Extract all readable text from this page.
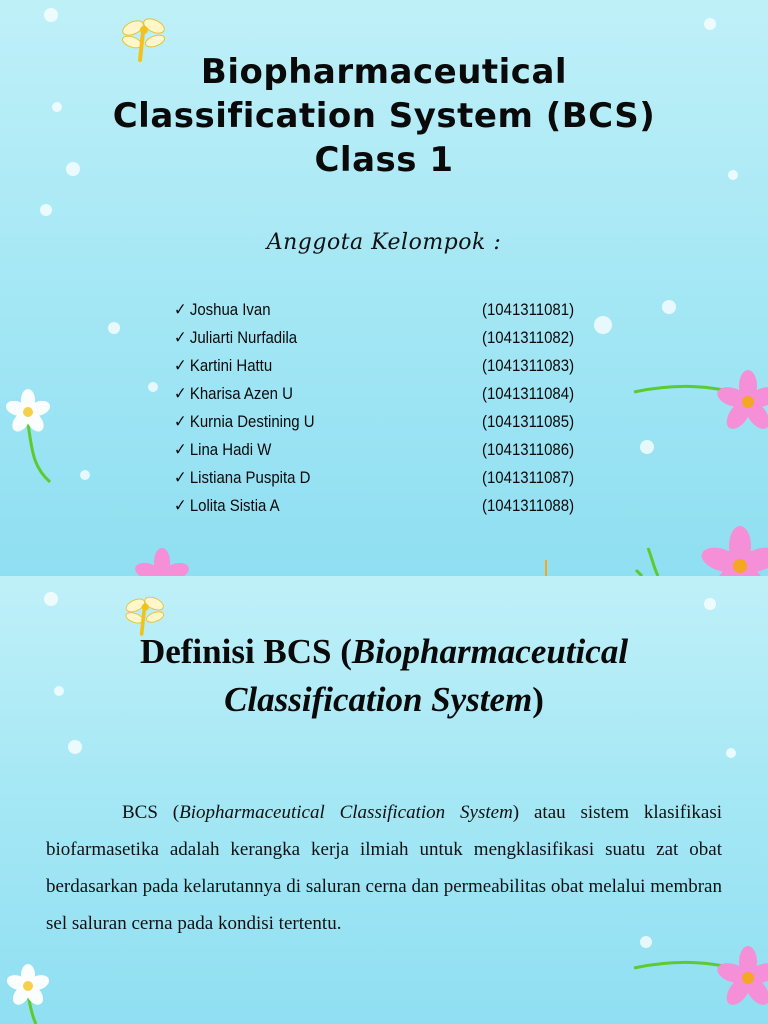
Biopharmaceutical
Classification System (BCS)
Class 1
Anggota Kelompok :
✓ Joshua Ivan	(1041311081)
✓ Juliarti Nurfadila	(1041311082)
✓ Kartini Hattu	(1041311083)
✓ Kharisa Azen U	(1041311084)
✓ Kurnia Destining U	(1041311085)
✓ Lina Hadi W	(1041311086)
✓ Listiana Puspita D	(1041311087)
✓ Lolita Sistia A	(1041311088)
Definisi BCS (Biopharmaceutical Classification System)

BCS (Biopharmaceutical Classification System) atau sistem klasifikasi biofarmasetika adalah kerangka kerja ilmiah untuk mengklasifikasi suatu zat obat berdasarkan pada kelarutannya di saluran cerna dan permeabilitas obat melalui membran sel saluran cerna pada kondisi tertentu.
